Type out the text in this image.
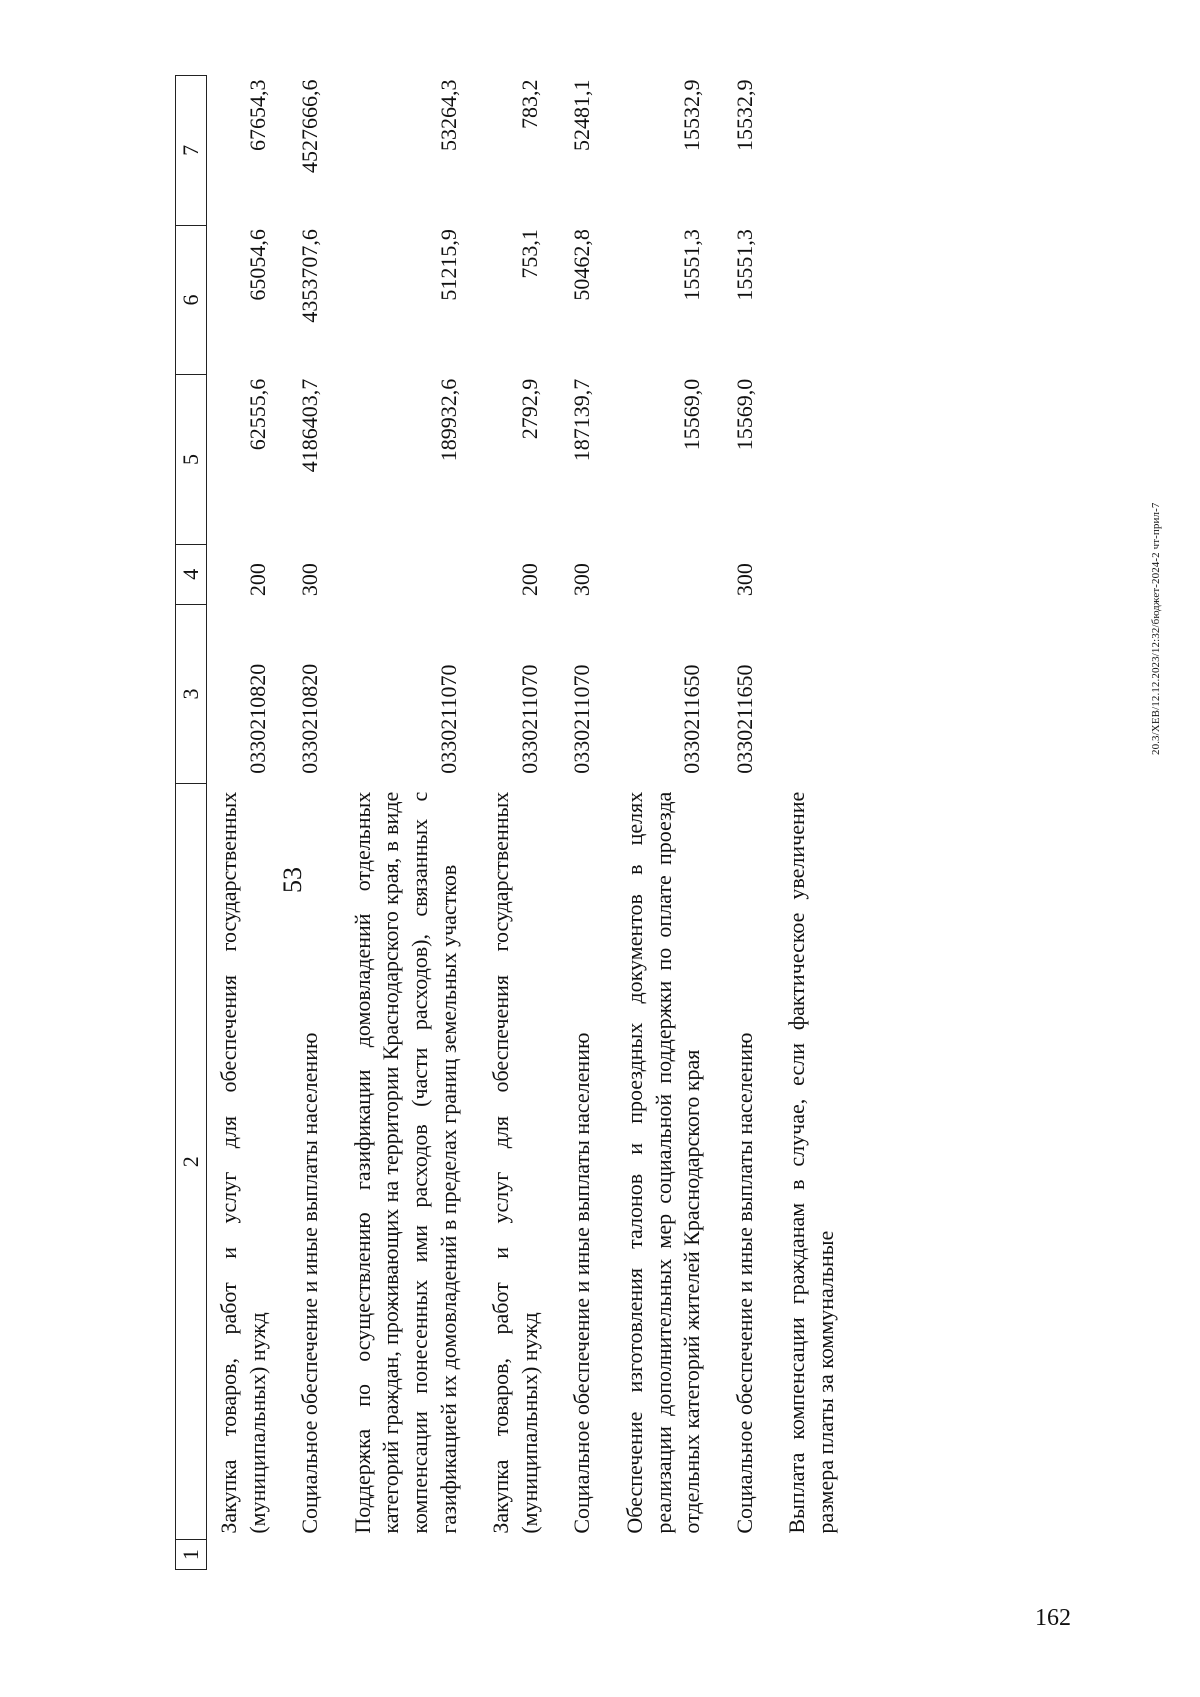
53
1	2	3	4	5	6	7
	Закупка товаров, работ и услуг для обеспечения государственных (муниципальных) нужд	0330210820	200	62555,6	65054,6	67654,3
	Социальное обеспечение и иные выплаты населению	0330210820	300	4186403,7	4353707,6	4527666,6
	Поддержка по осуществлению газификации домовладений отдельных категорий граждан, проживающих на территории Краснодарского края, в виде компенсации понесенных ими расходов (части расходов), связанных с газификацией их домовладений в пределах границ земельных участков	0330211070		189932,6	51215,9	53264,3
	Закупка товаров, работ и услуг для обеспечения государственных (муниципальных) нужд	0330211070	200	2792,9	753,1	783,2
	Социальное обеспечение и иные выплаты населению	0330211070	300	187139,7	50462,8	52481,1
	Обеспечение изготовления талонов и проездных документов в целях реализации дополнительных мер социальной поддержки по оплате проезда отдельных категорий жителей Краснодарского края	0330211650		15569,0	15551,3	15532,9
	Социальное обеспечение и иные выплаты населению	0330211650	300	15569,0	15551,3	15532,9
	Выплата компенсации гражданам в случае, если фактическое увеличение размера платы за коммунальные					
20.3/ХЕВ/12.12.2023/12:32/бюджет-2024-2 чт-прил-7
162
